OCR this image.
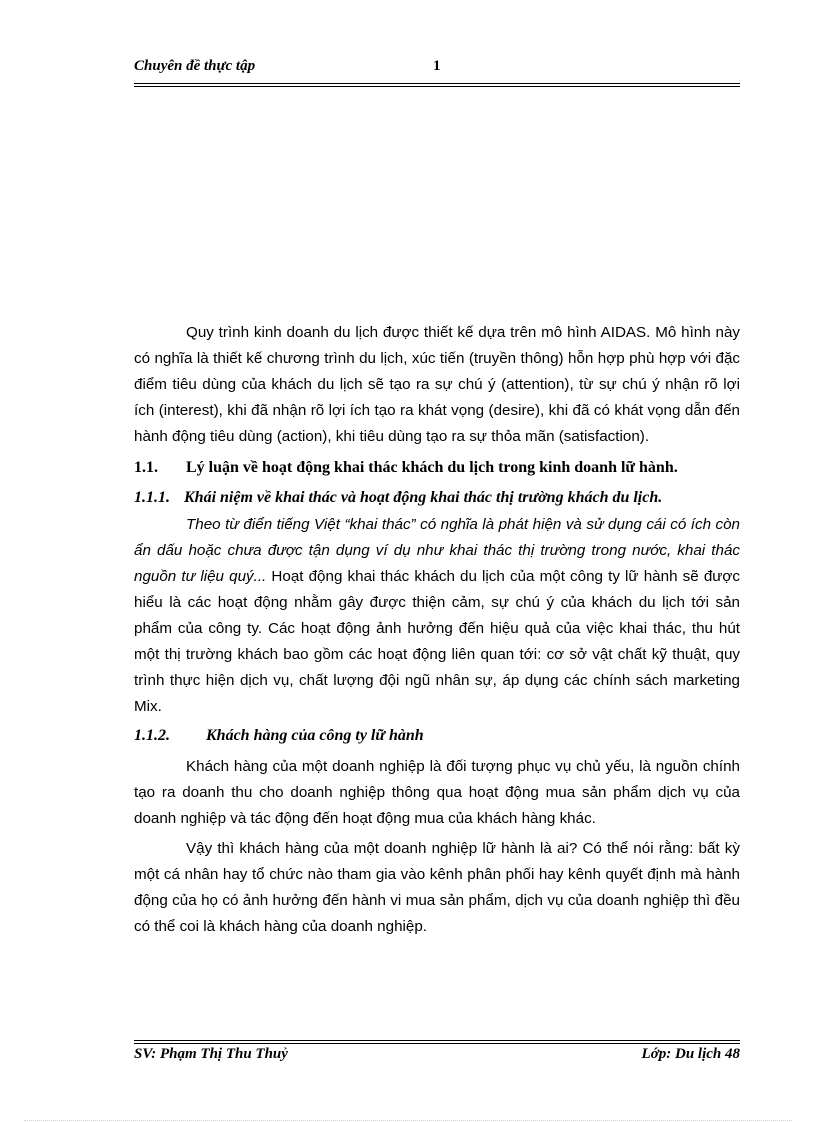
Chuyên đề thực tập	1

Quy trình kinh doanh du lịch được thiết kế dựa trên mô hình AIDAS. Mô hình này có nghĩa là thiết kế chương trình du lịch, xúc tiến (truyền thông) hỗn hợp phù hợp với đặc điểm tiêu dùng của khách du lịch sẽ tạo ra sự chú ý (attention), từ sự chú ý nhận rõ lợi ích (interest), khi đã nhận rõ lợi ích tạo ra khát vọng (desire), khi đã có khát vọng dẫn đến hành động tiêu dùng (action), khi tiêu dùng tạo ra sự thỏa mãn (satisfaction).

1.1. Lý luận về hoạt động khai thác khách du lịch trong kinh doanh lữ hành.
1.1.1. Khái niệm về khai thác và hoạt động khai thác thị trường khách du lịch.

Theo từ điển tiếng Việt “khai thác” có nghĩa là phát hiện và sử dụng cái có ích còn ẩn dấu hoặc chưa được tận dụng ví dụ như khai thác thị trường trong nước, khai thác nguồn tư liệu quý... Hoạt động khai thác khách du lịch của một công ty lữ hành sẽ được hiểu là các hoạt động nhằm gây được thiện cảm, sự chú ý của khách du lịch tới sản phẩm của công ty. Các hoạt động ảnh hưởng đến hiệu quả của việc khai thác, thu hút một thị trường khách bao gồm các hoạt động liên quan tới: cơ sở vật chất kỹ thuật, quy trình thực hiện dịch vụ, chất lượng đội ngũ nhân sự, áp dụng các chính sách marketing Mix.

1.1.2. Khách hàng của công ty lữ hành

Khách hàng của một doanh nghiệp là đối tượng phục vụ chủ yếu, là nguồn chính tạo ra doanh thu cho doanh nghiệp thông qua hoạt động mua sản phẩm dịch vụ của doanh nghiệp và tác động đến hoạt động mua của khách hàng khác.

Vậy thì khách hàng của một doanh nghiệp lữ hành là ai? Có thể nói rằng: bất kỳ một cá nhân hay tổ chức nào tham gia vào kênh phân phối hay kênh quyết định mà hành động của họ có ảnh hưởng đến hành vi mua sản phẩm, dịch vụ của doanh nghiệp thì đều có thể coi là khách hàng của doanh nghiệp.

SV: Phạm Thị Thu Thuỷ	Lớp: Du lịch 48
